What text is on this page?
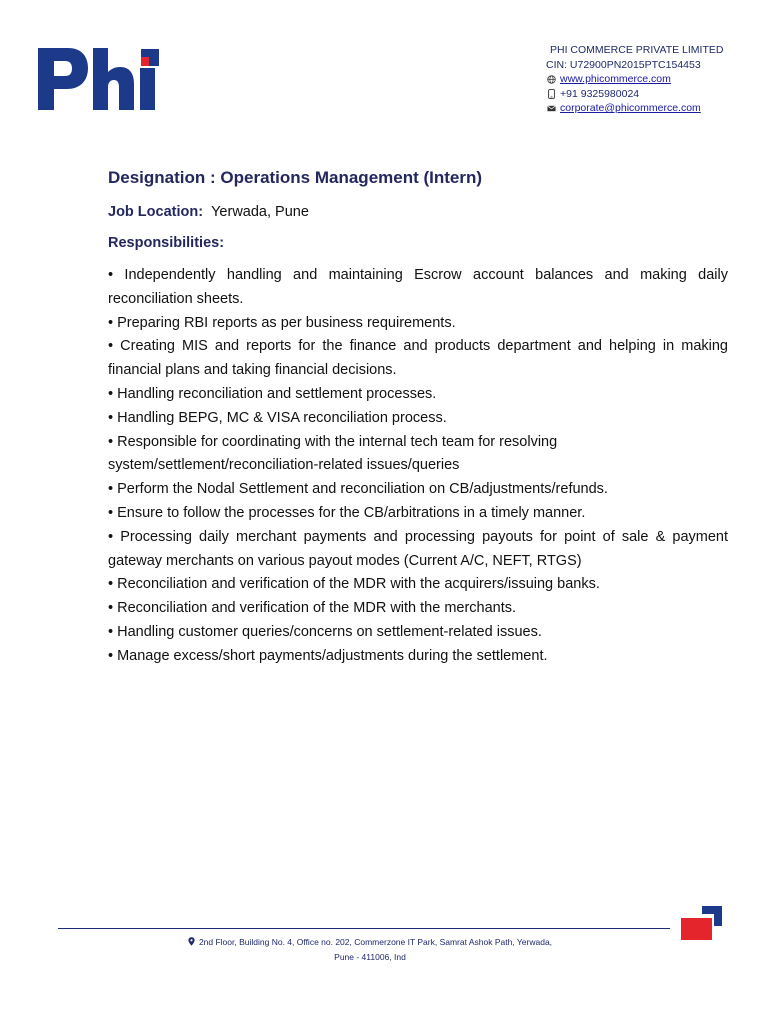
PHI COMMERCE PRIVATE LIMITED
CIN: U72900PN2015PTC154453
www.phicommerce.com
+91 9325980024
corporate@phicommerce.com
Designation : Operations Management (Intern)
Job Location: Yerwada, Pune
Responsibilities:
• Independently handling and maintaining Escrow account balances and making daily reconciliation sheets.
• Preparing RBI reports as per business requirements.
• Creating MIS and reports for the finance and products department and helping in making financial plans and taking financial decisions.
• Handling reconciliation and settlement processes.
• Handling BEPG, MC & VISA reconciliation process.
• Responsible for coordinating with the internal tech team for resolving system/settlement/reconciliation-related issues/queries
• Perform the Nodal Settlement and reconciliation on CB/adjustments/refunds.
• Ensure to follow the processes for the CB/arbitrations in a timely manner.
• Processing daily merchant payments and processing payouts for point of sale & payment gateway merchants on various payout modes (Current A/C, NEFT, RTGS)
• Reconciliation and verification of the MDR with the acquirers/issuing banks.
• Reconciliation and verification of the MDR with the merchants.
• Handling customer queries/concerns on settlement-related issues.
• Manage excess/short payments/adjustments during the settlement.
2nd Floor, Building No. 4, Office no. 202, Commerzone IT Park, Samrat Ashok Path, Yerwada,
Pune - 411006, Ind
